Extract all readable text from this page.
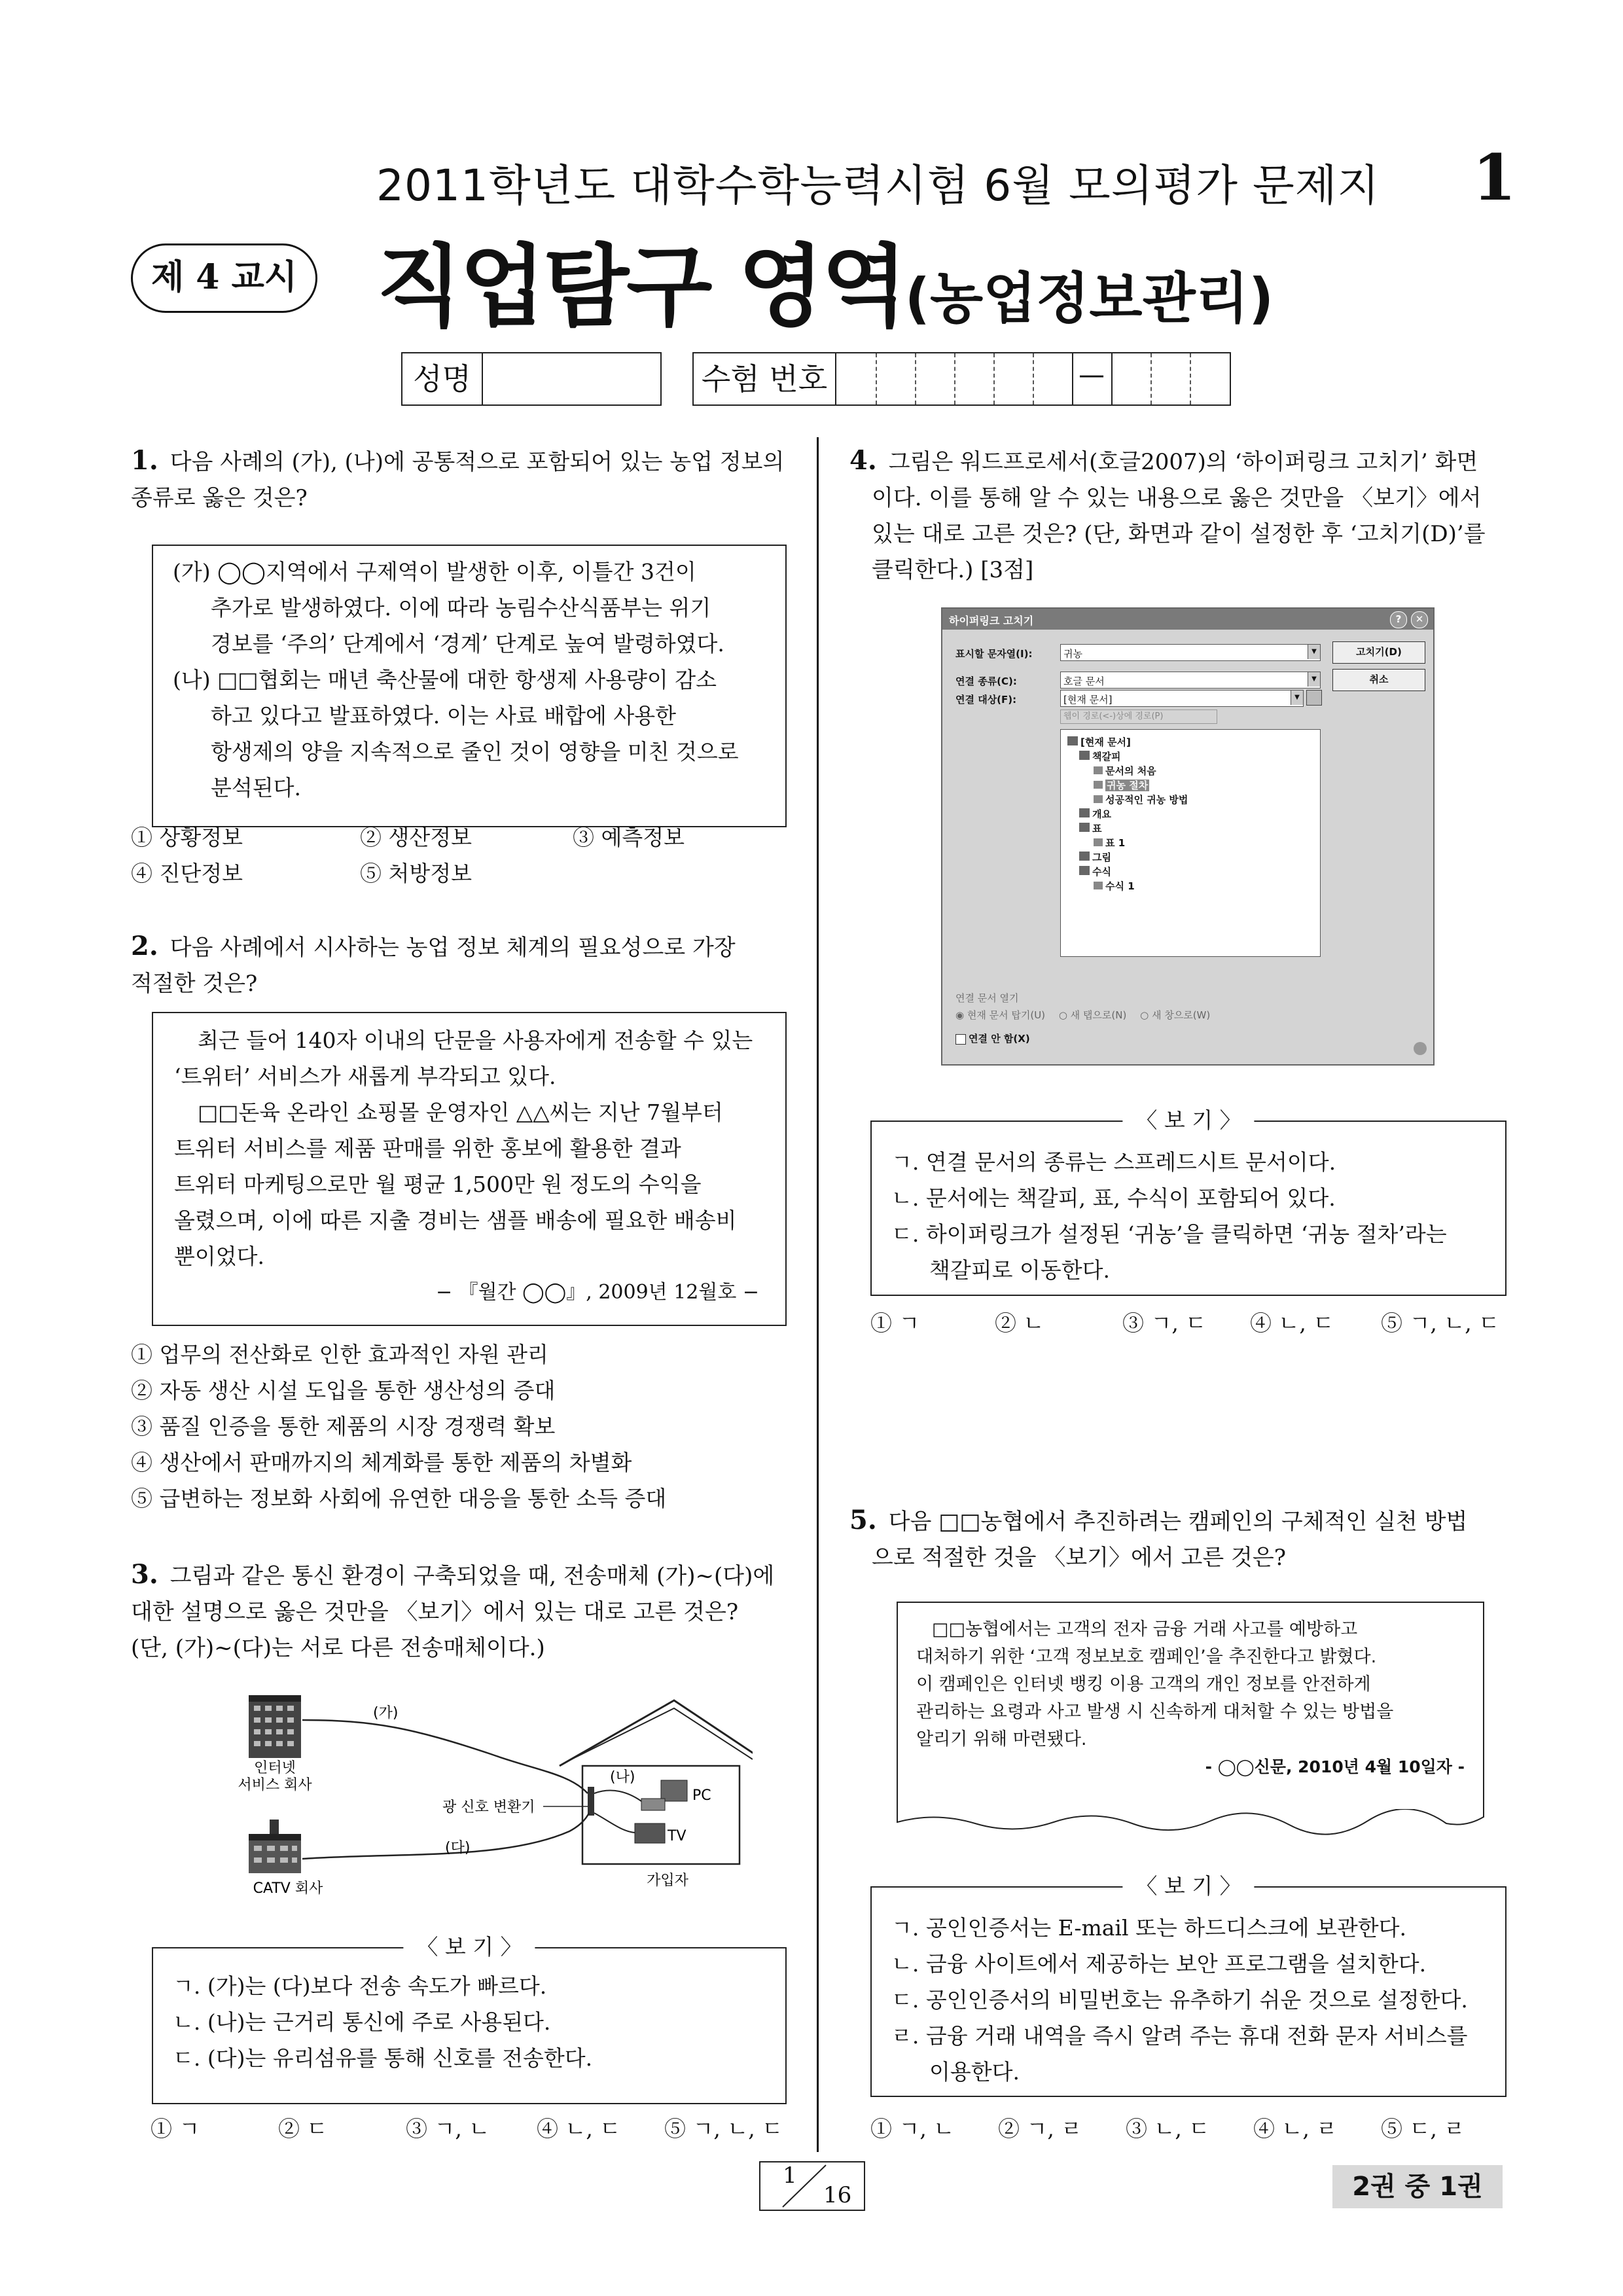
2011학년도 대학수학능력시험 6월 모의평가 문제지 1
제 4 교시 직업탐구 영역(농업정보관리)
성명	수험 번호	—
1. 다음 사례의 (가), (나)에 공통적으로 포함되어 있는 농업 정보의
종류로 옳은 것은?
(가) ◯◯지역에서 구제역이 발생한 이후, 이틀간 3건이
추가로 발생하였다. 이에 따라 농림수산식품부는 위기
경보를 ‘주의’ 단계에서 ‘경계’ 단계로 높여 발령하였다.
(나) □□협회는 매년 축산물에 대한 항생제 사용량이 감소
하고 있다고 발표하였다. 이는 사료 배합에 사용한
항생제의 양을 지속적으로 줄인 것이 영향을 미친 것으로
분석된다.
① 상황정보	② 생산정보	③ 예측정보
④ 진단정보	⑤ 처방정보
2. 다음 사례에서 시사하는 농업 정보 체계의 필요성으로 가장
적절한 것은?
최근 들어 140자 이내의 단문을 사용자에게 전송할 수 있는
‘트위터’ 서비스가 새롭게 부각되고 있다.
□□돈육 온라인 쇼핑몰 운영자인 △△씨는 지난 7월부터
트위터 서비스를 제품 판매를 위한 홍보에 활용한 결과
트위터 마케팅으로만 월 평균 1,500만 원 정도의 수익을
올렸으며, 이에 따른 지출 경비는 샘플 배송에 필요한 배송비
뿐이었다.
− 『월간 ◯◯』, 2009년 12월호 −
① 업무의 전산화로 인한 효과적인 자원 관리
② 자동 생산 시설 도입을 통한 생산성의 증대
③ 품질 인증을 통한 제품의 시장 경쟁력 확보
④ 생산에서 판매까지의 체계화를 통한 제품의 차별화
⑤ 급변하는 정보화 사회에 유연한 대응을 통한 소득 증대
3. 그림과 같은 통신 환경이 구축되었을 때, 전송매체 (가)~(다)에
대한 설명으로 옳은 것만을 〈보기〉에서 있는 대로 고른 것은?
(단, (가)~(다)는 서로 다른 전송매체이다.)
인터넷
서비스 회사
CATV 회사	가입자
PC
TV
(가)
(나)
(다)
광 신호 변환기
〈 보 기 〉
ㄱ. (가)는 (다)보다 전송 속도가 빠르다.
ㄴ. (나)는 근거리 통신에 주로 사용된다.
ㄷ. (다)는 유리섬유를 통해 신호를 전송한다.
① ㄱ	② ㄷ	③ ㄱ, ㄴ ④ ㄴ, ㄷ ⑤ ㄱ, ㄴ, ㄷ
4. 그림은 워드프로세서(호글2007)의 ‘하이퍼링크 고치기’ 화면
이다. 이를 통해 알 수 있는 내용으로 옳은 것만을 〈보기〉에서
있는 대로 고른 것은? (단, 화면과 같이 설정한 후 ‘고치기(D)’를
클릭한다.) [3점]
하이퍼링크 고치기	?	✕
표시할 문자열(I):	귀농	▼	고치기(D)
취소
연결 종류(C):	호글 문서	▼
연결 대상(F):	[현재 문서]	▼
웹이 경로(<-)상에 경로(P)
[현재 문서]
책갈피
문서의 처음
귀농 절차
성공적인 귀농 방법
개요
표
표 1
그림
수식
수식 1
연결 문서 열기
◉ 현재 문서 탑기(U) ○ 새 탭으로(N) ○ 새 창으로(W)
연결 안 함(X)
〈 보 기 〉
ㄱ. 연결 문서의 종류는 스프레드시트 문서이다.
ㄴ. 문서에는 책갈피, 표, 수식이 포함되어 있다.
ㄷ. 하이퍼링크가 설정된 ‘귀농’을 클릭하면 ‘귀농 절차’라는
책갈피로 이동한다.
① ㄱ	② ㄴ	③ ㄱ, ㄷ ④ ㄴ, ㄷ ⑤ ㄱ, ㄴ, ㄷ
5. 다음 □□농협에서 추진하려는 캠페인의 구체적인 실천 방법
으로 적절한 것을 〈보기〉에서 고른 것은?
□□농협에서는 고객의 전자 금융 거래 사고를 예방하고
대처하기 위한 ‘고객 정보보호 캠페인’을 추진한다고 밝혔다.
이 캠페인은 인터넷 뱅킹 이용 고객의 개인 정보를 안전하게
관리하는 요령과 사고 발생 시 신속하게 대처할 수 있는 방법을
알리기 위해 마련됐다.
- ◯◯신문, 2010년 4월 10일자 -
〈 보 기 〉
ㄱ. 공인인증서는 E-mail 또는 하드디스크에 보관한다.
ㄴ. 금융 사이트에서 제공하는 보안 프로그램을 설치한다.
ㄷ. 공인인증서의 비밀번호는 유추하기 쉬운 것으로 설정한다.
ㄹ. 금융 거래 내역을 즉시 알려 주는 휴대 전화 문자 서비스를
이용한다.
① ㄱ, ㄴ ② ㄱ, ㄹ ③ ㄴ, ㄷ ④ ㄴ, ㄹ ⑤ ㄷ, ㄹ
1
16	2권 중 1권
